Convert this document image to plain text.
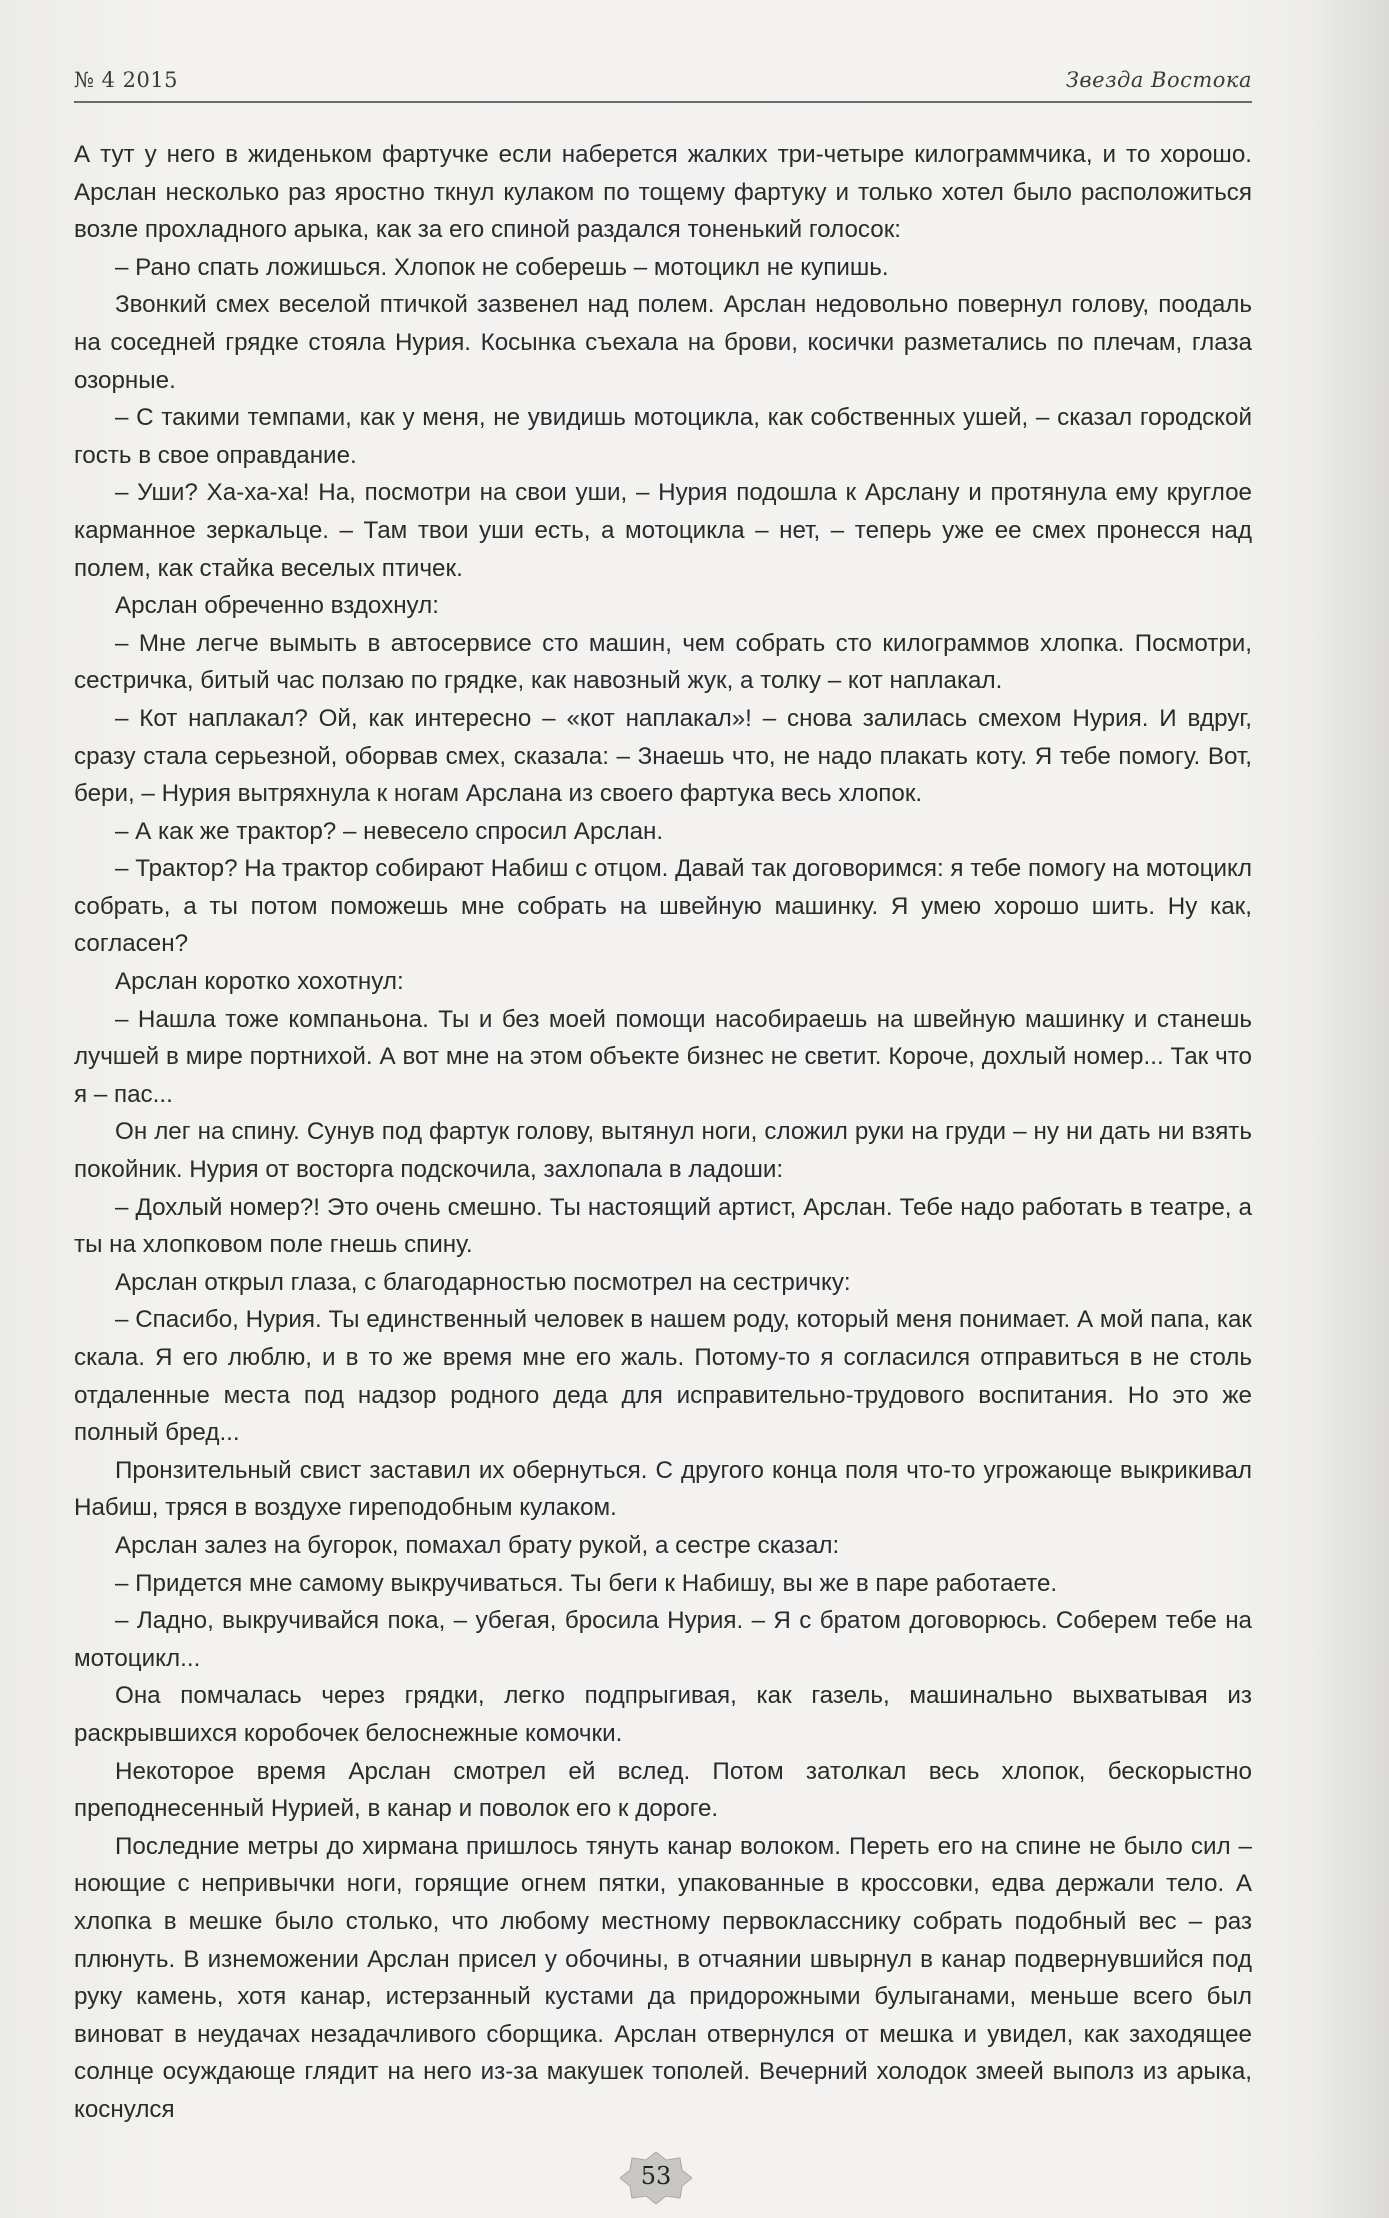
№ 4 2015	Звезда Востока

А тут у него в жиденьком фартучке если наберется жалких три-четыре килограммчика, и то хорошо. Арслан несколько раз яростно ткнул кулаком по тощему фартуку и только хотел было расположиться возле прохладного арыка, как за его спиной раздался тоненький голосок:

– Рано спать ложишься. Хлопок не соберешь – мотоцикл не купишь.

Звонкий смех веселой птичкой зазвенел над полем. Арслан недовольно повернул голову, поодаль на соседней грядке стояла Нурия. Косынка съехала на брови, косички разметались по плечам, глаза озорные.

– С такими темпами, как у меня, не увидишь мотоцикла, как собственных ушей, – сказал городской гость в свое оправдание.

– Уши? Ха-ха-ха! На, посмотри на свои уши, – Нурия подошла к Арслану и протянула ему круглое карманное зеркальце. – Там твои уши есть, а мотоцикла – нет, – теперь уже ее смех пронесся над полем, как стайка веселых птичек.

Арслан обреченно вздохнул:

– Мне легче вымыть в автосервисе сто машин, чем собрать сто килограммов хлопка. Посмотри, сестричка, битый час ползаю по грядке, как навозный жук, а толку – кот наплакал.

– Кот наплакал? Ой, как интересно – «кот наплакал»! – снова залилась смехом Нурия. И вдруг, сразу стала серьезной, оборвав смех, сказала: – Знаешь что, не надо плакать коту. Я тебе помогу. Вот, бери, – Нурия вытряхнула к ногам Арслана из своего фартука весь хлопок.

– А как же трактор? – невесело спросил Арслан.

– Трактор? На трактор собирают Набиш с отцом. Давай так договоримся: я тебе помогу на мотоцикл собрать, а ты потом поможешь мне собрать на швейную машинку. Я умею хорошо шить. Ну как, согласен?

Арслан коротко хохотнул:

– Нашла тоже компаньона. Ты и без моей помощи насобираешь на швейную машинку и станешь лучшей в мире портнихой. А вот мне на этом объекте бизнес не светит. Короче, дохлый номер... Так что я – пас...

Он лег на спину. Сунув под фартук голову, вытянул ноги, сложил руки на груди – ну ни дать ни взять покойник. Нурия от восторга подскочила, захлопала в ладоши:

– Дохлый номер?! Это очень смешно. Ты настоящий артист, Арслан. Тебе надо работать в театре, а ты на хлопковом поле гнешь спину.

Арслан открыл глаза, с благодарностью посмотрел на сестричку:

– Спасибо, Нурия. Ты единственный человек в нашем роду, который меня понимает. А мой папа, как скала. Я его люблю, и в то же время мне его жаль. Потому-то я согласился отправиться в не столь отдаленные места под надзор родного деда для исправительно-трудового воспитания. Но это же полный бред...

Пронзительный свист заставил их обернуться. С другого конца поля что-то угрожающе выкрикивал Набиш, тряся в воздухе гиреподобным кулаком.

Арслан залез на бугорок, помахал брату рукой, а сестре сказал:

– Придется мне самому выкручиваться. Ты беги к Набишу, вы же в паре работаете.

– Ладно, выкручивайся пока, – убегая, бросила Нурия. – Я с братом договорюсь. Соберем тебе на мотоцикл...

Она помчалась через грядки, легко подпрыгивая, как газель, машинально выхватывая из раскрывшихся коробочек белоснежные комочки.

Некоторое время Арслан смотрел ей вслед. Потом затолкал весь хлопок, бескорыстно преподнесенный Нурией, в канар и поволок его к дороге.

Последние метры до хирмана пришлось тянуть канар волоком. Переть его на спине не было сил – ноющие с непривычки ноги, горящие огнем пятки, упакованные в кроссовки, едва держали тело. А хлопка в мешке было столько, что любому местному первокласснику собрать подобный вес – раз плюнуть. В изнеможении Арслан присел у обочины, в отчаянии швырнул в канар подвернувшийся под руку камень, хотя канар, истерзанный кустами да придорожными булыганами, меньше всего был виноват в неудачах незадачливого сборщика. Арслан отвернулся от мешка и увидел, как заходящее солнце осуждающе глядит на него из-за макушек тополей. Вечерний холодок змеей выполз из арыка, коснулся

53
